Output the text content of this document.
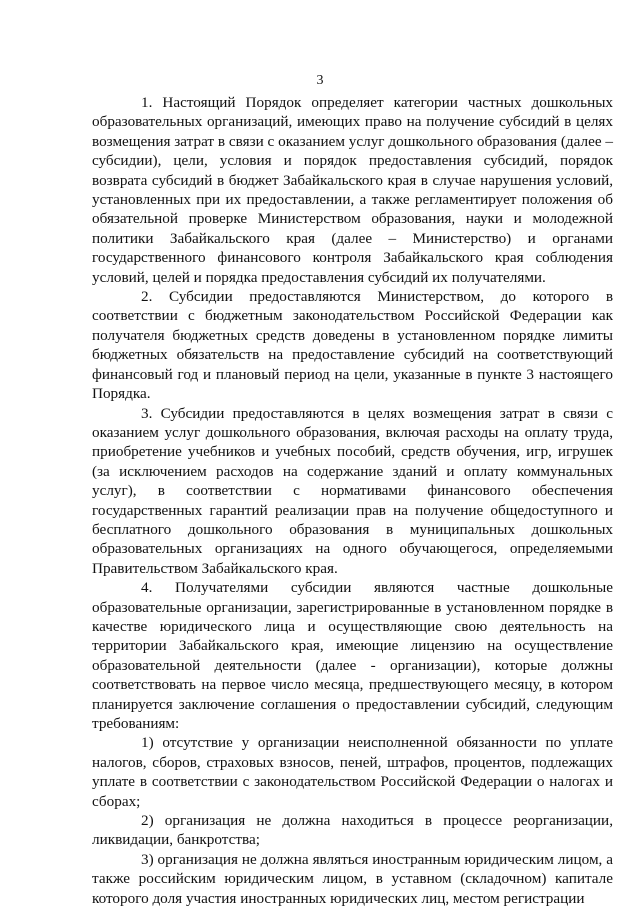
3

1. Настоящий Порядок определяет категории частных дошкольных образовательных организаций, имеющих право на получение субсидий в целях возмещения затрат в связи с оказанием услуг дошкольного образования (далее – субсидии), цели, условия и порядок предоставления субсидий, порядок возврата субсидий в бюджет Забайкальского края в случае нарушения условий, установленных при их предоставлении, а также регламентирует положения об обязательной проверке Министерством образования, науки и молодежной политики Забайкальского края (далее – Министерство) и органами государственного финансового контроля Забайкальского края соблюдения условий, целей и порядка предоставления субсидий их получателями.

2. Субсидии предоставляются Министерством, до которого в соответствии с бюджетным законодательством Российской Федерации как получателя бюджетных средств доведены в установленном порядке лимиты бюджетных обязательств на предоставление субсидий на соответствующий финансовый год и плановый период на цели, указанные в пункте 3 настоящего Порядка.

3. Субсидии предоставляются в целях возмещения затрат в связи с оказанием услуг дошкольного образования, включая расходы на оплату труда, приобретение учебников и учебных пособий, средств обучения, игр, игрушек (за исключением расходов на содержание зданий и оплату коммунальных услуг), в соответствии с нормативами финансового обеспечения государственных гарантий реализации прав на получение общедоступного и бесплатного дошкольного образования в муниципальных дошкольных образовательных организациях на одного обучающегося, определяемыми Правительством Забайкальского края.

4. Получателями субсидии являются частные дошкольные образовательные организации, зарегистрированные в установленном порядке в качестве юридического лица и осуществляющие свою деятельность на территории Забайкальского края, имеющие лицензию на осуществление образовательной деятельности (далее - организации), которые должны соответствовать на первое число месяца, предшествующего месяцу, в котором планируется заключение соглашения о предоставлении субсидий, следующим требованиям:

1) отсутствие у организации неисполненной обязанности по уплате налогов, сборов, страховых взносов, пеней, штрафов, процентов, подлежащих уплате в соответствии с законодательством Российской Федерации о налогах и сборах;

2) организация не должна находиться в процессе реорганизации, ликвидации, банкротства;

3) организация не должна являться иностранным юридическим лицом, а также российским юридическим лицом, в уставном (складочном) капитале которого доля участия иностранных юридических лиц, местом регистрации
